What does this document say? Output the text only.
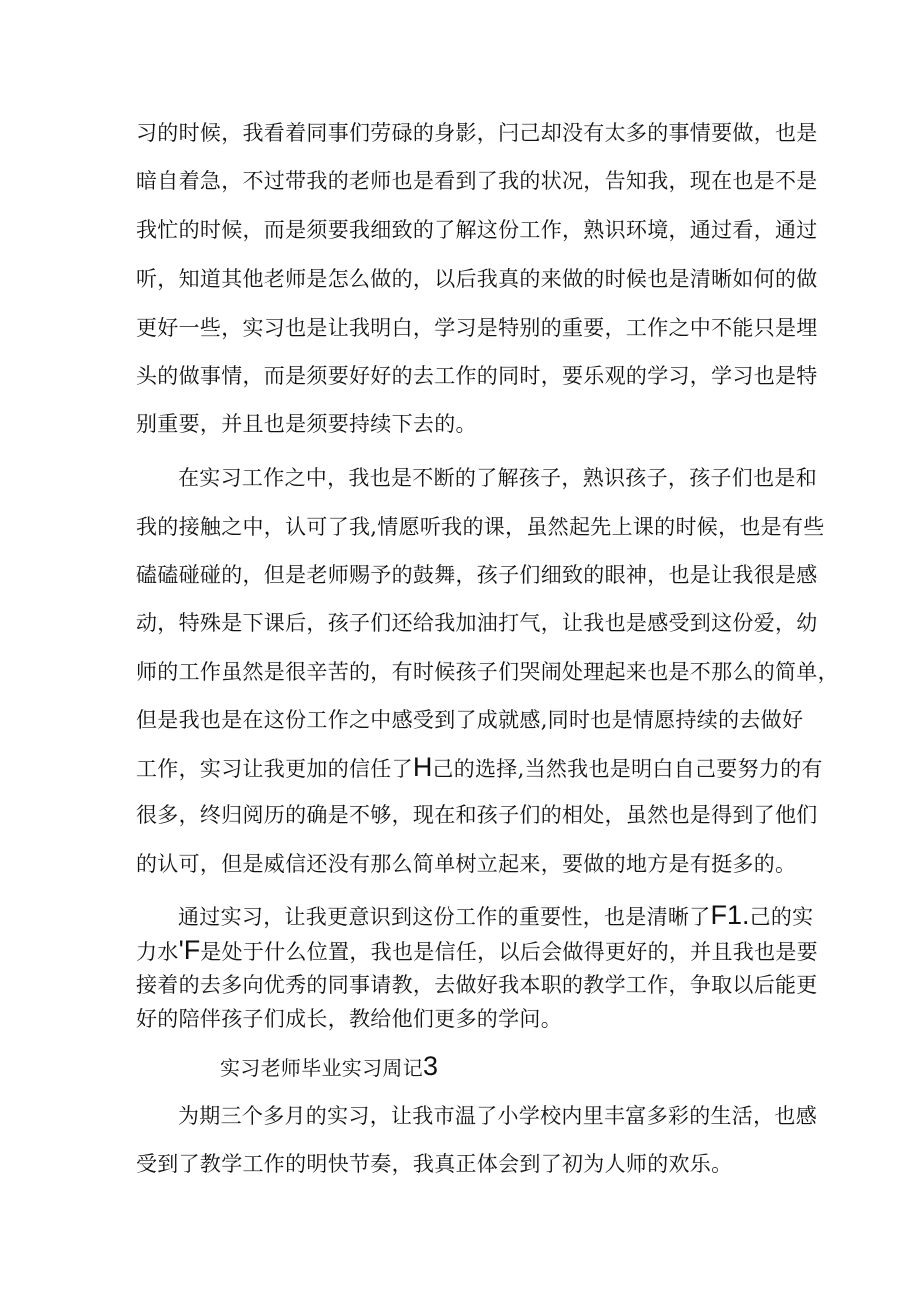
习的时候，我看着同事们劳碌的身影，闩己却没有太多的事情要做，也是
暗自着急，不过带我的老师也是看到了我的状况，告知我，现在也是不是
我忙的时候，而是须要我细致的了解这份工作，熟识环境，通过看，通过
听，知道其他老师是怎么做的，以后我真的来做的时候也是清晰如何的做
更好一些，实习也是让我明白，学习是特别的重要，工作之中不能只是埋
头的做事情，而是须要好好的去工作的同时，要乐观的学习，学习也是特
别重要，并且也是须要持续下去的。
在实习工作之中，我也是不断的了解孩子，熟识孩子，孩子们也是和
我的接触之中，认可了我,情愿听我的课，虽然起先上课的时候，也是有些
磕磕碰碰的，但是老师赐予的鼓舞，孩子们细致的眼神，也是让我很是感
动，特殊是下课后，孩子们还给我加油打气，让我也是感受到这份爱，幼
师的工作虽然是很辛苦的，有时候孩子们哭闹处理起来也是不那么的简单，
但是我也是在这份工作之中感受到了成就感,同时也是情愿持续的去做好
工作，实习让我更加的信任了H己的选择,当然我也是明白自己要努力的有
很多，终归阅历的确是不够，现在和孩子们的相处，虽然也是得到了他们
的认可，但是威信还没有那么简单树立起来，要做的地方是有挺多的。
通过实习，让我更意识到这份工作的重要性，也是清晰了F1.己的实
力水'F是处于什么位置，我也是信任，以后会做得更好的，并且我也是要
接着的去多向优秀的同事请教，去做好我本职的教学工作，争取以后能更
好的陪伴孩子们成长，教给他们更多的学问。
实习老师毕业实习周记3
为期三个多月的实习，让我市温了小学校内里丰富多彩的生活，也感
受到了教学工作的明快节奏，我真正体会到了初为人师的欢乐。
